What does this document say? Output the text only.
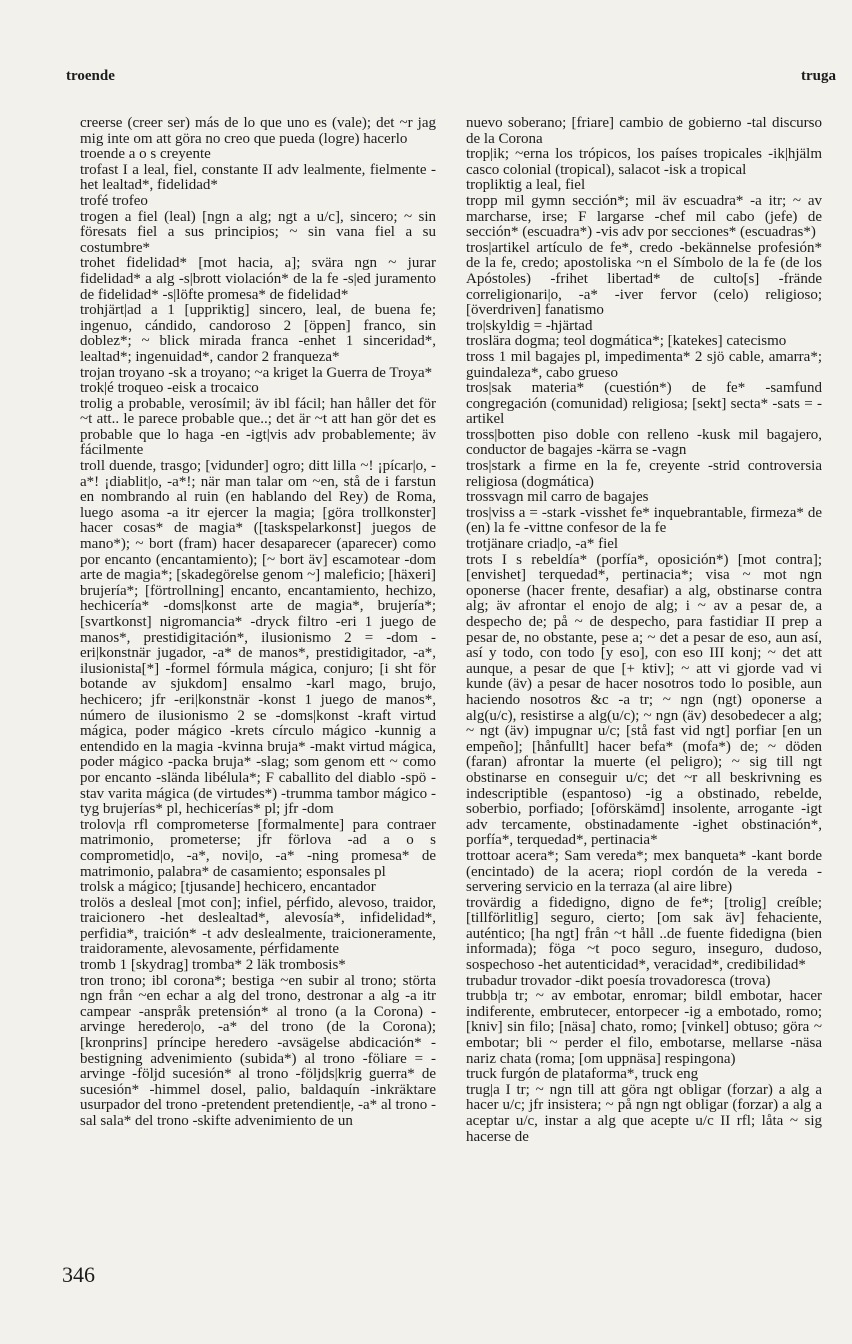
troende	truga

creerse (creer ser) más de lo que uno es (vale); det ~r jag mig inte om att göra no creo que pueda (logre) hacerlo

troende a o s creyente

trofast I a leal, fiel, constante II adv lealmente, fielmente -het lealtad*, fidelidad*

trofé trofeo

trogen a fiel (leal) [ngn a alg; ngt a u/c], sincero; ~ sin föresats fiel a sus principios; ~ sin vana fiel a su costumbre*

trohet fidelidad* [mot hacia, a]; svära ngn ~ jurar fidelidad* a alg -s|brott violación* de la fe -s|ed juramento de fidelidad* -s|löfte promesa* de fidelidad*

trohjärt|ad a 1 [uppriktig] sincero, leal, de buena fe; ingenuo, cándido, candoroso 2 [öppen] franco, sin doblez*; ~ blick mirada franca -enhet 1 sinceridad*, lealtad*; ingenuidad*, candor 2 franqueza*

trojan troyano -sk a troyano; ~a kriget la Guerra de Troya*

trok|é troqueo -eisk a trocaico

trolig a probable, verosímil; äv ibl fácil; han håller det för ~t att.. le parece probable que..; det är ~t att han gör det es probable que lo haga -en -igt|vis adv probablemente; äv fácilmente

troll duende, trasgo; [vidunder] ogro; ditt lilla ~! ¡pícar|o, -a*! ¡diablit|o, -a*!; när man talar om ~en, stå de i farstun en nombrando al ruin (en hablando del Rey) de Roma, luego asoma -a itr ejercer la magia; [göra trollkonster] hacer cosas* de magia* ([taskspelarkonst] juegos de mano*); ~ bort (fram) hacer desaparecer (aparecer) como por encanto (encantamiento); [~ bort äv] escamotear -dom arte de magia*; [skadegörelse genom ~] maleficio; [häxeri] brujería*; [förtrollning] encanto, encantamiento, hechizo, hechicería* -doms|konst arte de magia*, brujería*; [svartkonst] nigromancia* -dryck filtro -eri 1 juego de manos*, prestidigitación*, ilusionismo 2 = -dom -eri|konstnär jugador, -a* de manos*, prestidigitador, -a*, ilusionista[*] -formel fórmula mágica, conjuro; [i sht för botande av sjukdom] ensalmo -karl mago, brujo, hechicero; jfr -eri|konstnär -konst 1 juego de manos*, número de ilusionismo 2 se -doms|konst -kraft virtud mágica, poder mágico -krets círculo mágico -kunnig a entendido en la magia -kvinna bruja* -makt virtud mágica, poder mágico -packa bruja* -slag; som genom ett ~ como por encanto -slända libélula*; F caballito del diablo -spö -stav varita mágica (de virtudes*) -trumma tambor mágico -tyg brujerías* pl, hechicerías* pl; jfr -dom

trolov|a rfl comprometerse [formalmente] para contraer matrimonio, prometerse; jfr förlova -ad a o s comprometid|o, -a*, novi|o, -a* -ning promesa* de matrimonio, palabra* de casamiento; esponsales pl

trolsk a mágico; [tjusande] hechicero, encantador

trolös a desleal [mot con]; infiel, pérfido, alevoso, traidor, traicionero -het deslealtad*, alevosía*, infidelidad*, perfidia*, traición* -t adv deslealmente, traicioneramente, traidoramente, alevosamente, pérfidamente

tromb 1 [skydrag] tromba* 2 läk trombosis*

tron trono; ibl corona*; bestiga ~en subir al trono; störta ngn från ~en echar a alg del trono, destronar a alg -a itr campear -anspråk pretensión* al trono (a la Corona) -arvinge heredero|o, -a* del trono (de la Corona); [kronprins] príncipe heredero -avsägelse abdicación* -bestigning advenimiento (subida*) al trono -föliare = -arvinge -följd sucesión* al trono -följds|krig guerra* de sucesión* -himmel dosel, palio, baldaquín -inkräktare usurpador del trono -pretendent pretendient|e, -a* al trono -sal sala* del trono -skifte advenimiento de un

nuevo soberano; [friare] cambio de gobierno -tal discurso de la Corona

trop|ik; ~erna los trópicos, los países tropicales -ik|hjälm casco colonial (tropical), salacot -isk a tropical

tropliktig a leal, fiel

tropp mil gymn sección*; mil äv escuadra* -a itr; ~ av marcharse, irse; F largarse -chef mil cabo (jefe) de sección* (escuadra*) -vis adv por secciones* (escuadras*)

tros|artikel artículo de fe*, credo -bekännelse profesión* de la fe, credo; apostoliska ~n el Símbolo de la fe (de los Apóstoles) -frihet libertad* de culto[s] -frände correligionari|o, -a* -iver fervor (celo) religioso; [överdriven] fanatismo

tro|skyldig = -hjärtad

troslära dogma; teol dogmática*; [katekes] catecismo

tross 1 mil bagajes pl, impedimenta* 2 sjö cable, amarra*; guindaleza*, cabo grueso

tros|sak materia* (cuestión*) de fe* -samfund congregación (comunidad) religiosa; [sekt] secta* -sats = -artikel

tross|botten piso doble con relleno -kusk mil bagajero, conductor de bagajes -kärra se -vagn

tros|stark a firme en la fe, creyente -strid controversia religiosa (dogmática)

trossvagn mil carro de bagajes

tros|viss a = -stark -visshet fe* inquebrantable, firmeza* de (en) la fe -vittne confesor de la fe

trotjänare criad|o, -a* fiel

trots I s rebeldía* (porfía*, oposición*) [mot contra]; [envishet] terquedad*, pertinacia*; visa ~ mot ngn oponerse (hacer frente, desafiar) a alg, obstinarse contra alg; äv afrontar el enojo de alg; i ~ av a pesar de, a despecho de; på ~ de despecho, para fastidiar II prep a pesar de, no obstante, pese a; ~ det a pesar de eso, aun así, así y todo, con todo [y eso], con eso III konj; ~ det att aunque, a pesar de que [+ ktiv]; ~ att vi gjorde vad vi kunde (äv) a pesar de hacer nosotros todo lo posible, aun haciendo nosotros &c -a tr; ~ ngn (ngt) oponerse a alg(u/c), resistirse a alg(u/c); ~ ngn (äv) desobedecer a alg; ~ ngt (äv) impugnar u/c; [stå fast vid ngt] porfiar [en un empeño]; [hånfullt] hacer befa* (mofa*) de; ~ döden (faran) afrontar la muerte (el peligro); ~ sig till ngt obstinarse en conseguir u/c; det ~r all beskrivning es indescriptible (espantoso) -ig a obstinado, rebelde, soberbio, porfiado; [oförskämd] insolente, arrogante -igt adv tercamente, obstinadamente -ighet obstinación*, porfía*, terquedad*, pertinacia*

trottoar acera*; Sam vereda*; mex banqueta* -kant borde (encintado) de la acera; riopl cordón de la vereda -servering servicio en la terraza (al aire libre)

trovärdig a fidedigno, digno de fe*; [trolig] creíble; [tillförlitlig] seguro, cierto; [om sak äv] fehaciente, auténtico; [ha ngt] från ~t håll ..de fuente fidedigna (bien informada); föga ~t poco seguro, inseguro, dudoso, sospechoso -het autenticidad*, veracidad*, credibilidad*

trubadur trovador -dikt poesía trovadoresca (trova)

trubb|a tr; ~ av embotar, enromar; bildl embotar, hacer indiferente, embrutecer, entorpecer -ig a embotado, romo; [kniv] sin filo; [näsa] chato, romo; [vinkel] obtuso; göra ~ embotar; bli ~ perder el filo, embotarse, mellarse -näsa nariz chata (roma; [om uppnäsa] respingona)

truck furgón de plataforma*, truck eng

trug|a I tr; ~ ngn till att göra ngt obligar (forzar) a alg a hacer u/c; jfr insistera; ~ på ngn ngt obligar (forzar) a alg a aceptar u/c, instar a alg que acepte u/c II rfl; låta ~ sig hacerse de

346
